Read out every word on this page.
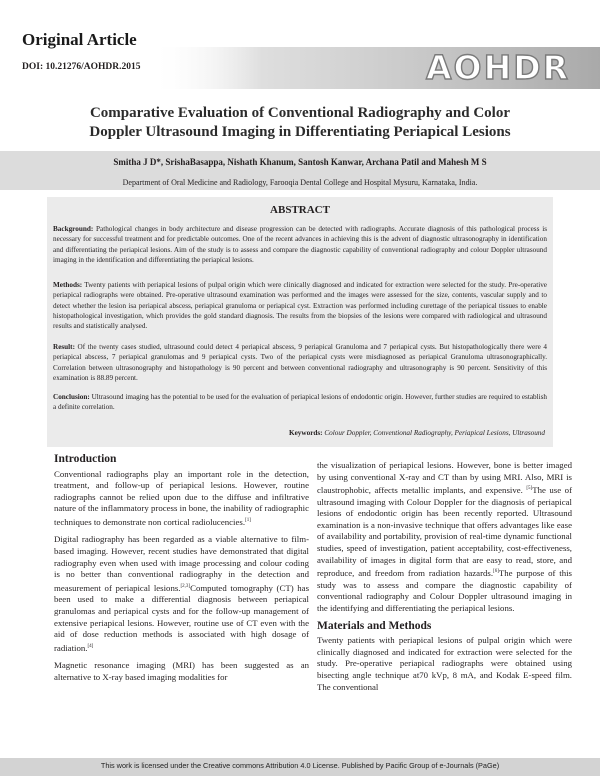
Original Article
AOHDR
DOI: 10.21276/AOHDR.2015
Comparative Evaluation of Conventional Radiography and Color
Doppler Ultrasound Imaging in Differentiating Periapical Lesions
Smitha J D*, SrishaBasappa, Nishath Khanum, Santosh Kanwar, Archana Patil and Mahesh M S
Department of Oral Medicine and Radiology, Farooqia Dental College and Hospital Mysuru, Karnataka, India.
ABSTRACT

Background: Pathological changes in body architecture and disease progression can be detected with radiographs. Accurate diagnosis of this pathological process is necessary for successful treatment and for predictable outcomes. One of the recent advances in achieving this is the advent of diagnostic ultrasonography in identification and differentiating the periapical lesions. Aim of the study is to assess and compare the diagnostic capability of conventional radiography and colour Doppler ultrasound imaging in the identification and differentiating the periapical lesions.

Methods: Twenty patients with periapical lesions of pulpal origin which were clinically diagnosed and indicated for extraction were selected for the study. Pre-operative periapical radiographs were obtained. Pre-operative ultrasound examination was performed and the images were assessed for the size, contents, vascular supply and to detect whether the lesion isa periapical abscess, periapical granuloma or periapical cyst. Extraction was performed including curettage of the periapical tissues to enable histopathological investigation, which provides the gold standard diagnosis. The results from the biopsies of the lesions were compared with radiological and ultrasound results and statistically analysed.

Result: Of the twenty cases studied, ultrasound could detect 4 periapical abscess, 9 periapical Granuloma and 7 periapical cysts. But histopathologically there were 4 periapical abscess, 7 periapical granulomas and 9 periapical cysts. Two of the periapical cysts were misdiagnosed as periapical Granuloma ultrasonographically. Correlation between ultrasonography and histopathology is 90 percent and between conventional radiography and ultrasonography is 90 percent. Sensitivity of this examination is 88.89 percent.

Conclusion: Ultrasound imaging has the potential to be used for the evaluation of periapical lesions of endodontic origin. However, further studies are required to establish a definite correlation.

Keywords: Colour Doppler, Conventional Radiography, Periapical Lesions, Ultrasound
Introduction

Conventional radiographs play an important role in the detection, treatment, and follow-up of periapical lesions. However, routine radiographs cannot be relied upon due to the diffuse and infiltrative nature of the inflammatory process in bone, the inability of radiographic techniques to demonstrate non cortical radiolucencies.[1]

Digital radiography has been regarded as a viable alternative to film-based imaging. However, recent studies have demonstrated that digital radiography even when used with image processing and colour coding is no better than conventional radiography in the detection and measurement of periapical lesions.[2,3]Computed tomography (CT) has been used to make a differential diagnosis between periapical granulomas and periapical cysts and for the follow-up management of extensive periapical lesions. However, routine use of CT even with the aid of dose reduction methods is associated with high dosage of radiation.[4]

Magnetic resonance imaging (MRI) has been suggested as an alternative to X-ray based imaging modalities for

the visualization of periapical lesions. However, bone is better imaged by using conventional X-ray and CT than by using MRI. Also, MRI is claustrophobic, affects metallic implants, and expensive. [5]The use of ultrasound imaging with Colour Doppler for the diagnosis of periapical lesions of endodontic origin has been recently reported. Ultrasound examination is a non-invasive technique that offers advantages like ease of availability and portability, provision of real-time dynamic functional studies, speed of investigation, patient acceptability, cost-effectiveness, availability of images in digital form that are easy to read, store, and reproduce, and freedom from radiation hazards.[6]The purpose of this study was to assess and compare the diagnostic capability of conventional radiography and Colour Doppler ultrasound imaging in the identifying and differentiating the periapical lesions.

Materials and Methods

Twenty patients with periapical lesions of pulpal origin which were clinically diagnosed and indicated for extraction were selected for the study. Pre-operative periapical radiographs were obtained using bisecting angle technique at70 kVp, 8 mA, and Kodak E-speed film. The conventional

This work is licensed under the Creative commons Attribution 4.0 License. Published by Pacific Group of e-Journals (PaGe)
